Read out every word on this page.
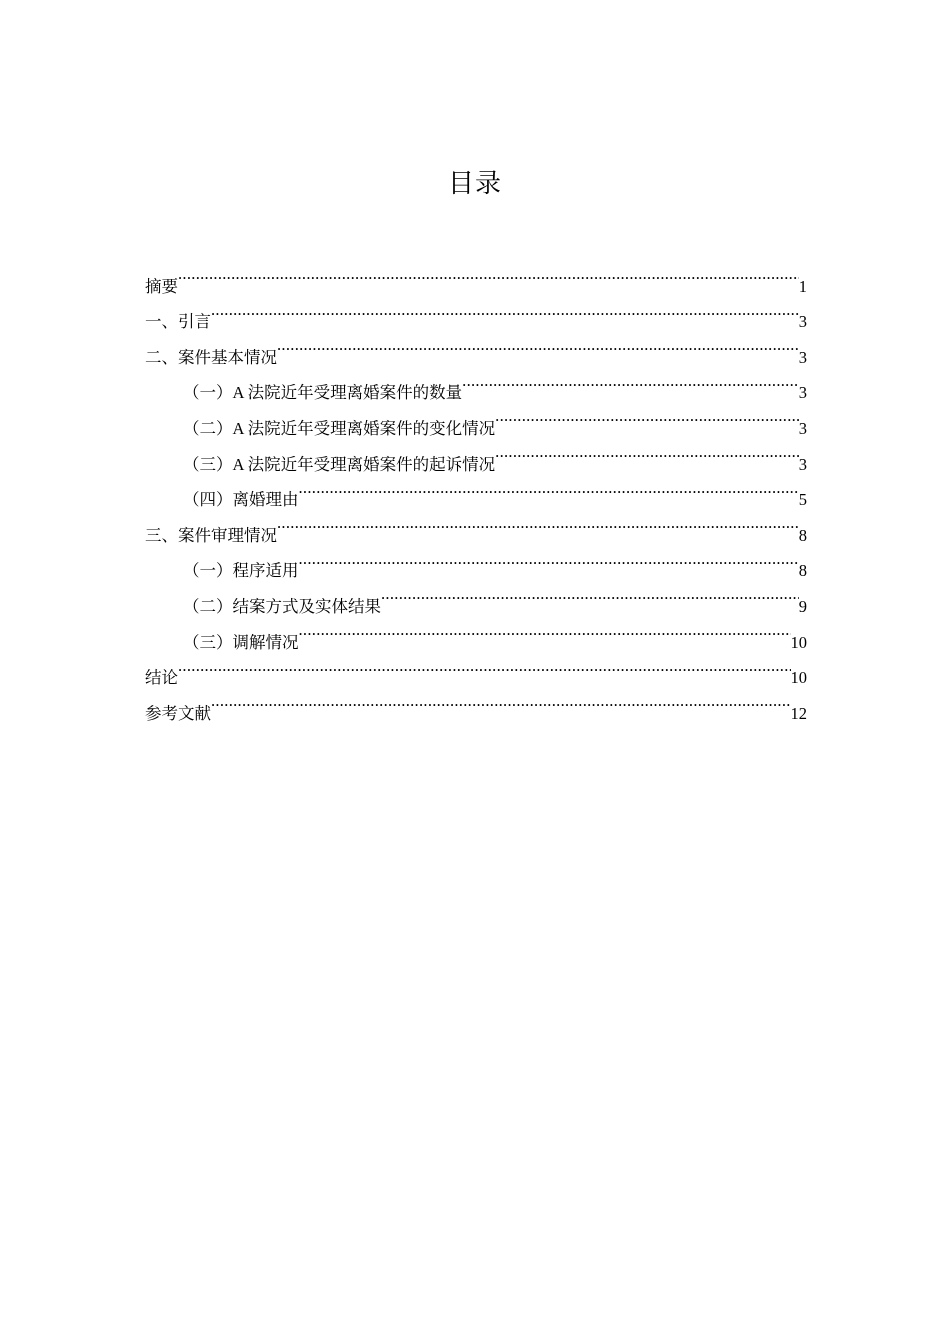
目录
摘要 .....	1
一、引言 .....	3
二、案件基本情况 .....	3
（一）A 法院近年受理离婚案件的数量 .....	3
（二）A 法院近年受理离婚案件的变化情况 .....	3
（三）A 法院近年受理离婚案件的起诉情况 .....	3
（四）离婚理由 .....	5
三、案件审理情况 .....	8
（一）程序适用 .....	8
（二）结案方式及实体结果 .....	9
（三）调解情况 .....	10
结论 .....	10
参考文献 .....	12
